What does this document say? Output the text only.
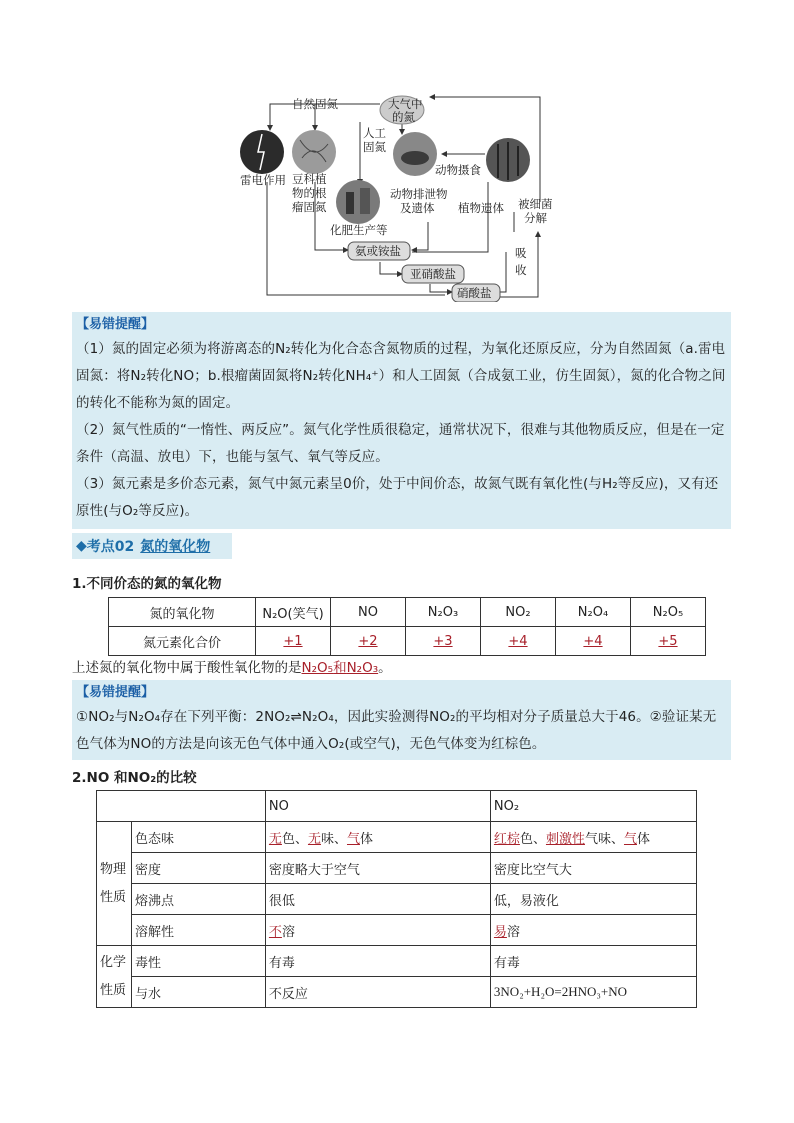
自然固氮	大气中
的氮
人工
固氮
雷电作用 豆科植
物的根
瘤固氮
动物摄食
被细菌
分解
动物排泄物
及遗体 植物遗体
化肥生产等
氨或铵盐
亚硝酸盐
硝酸盐
吸
收
【易错提醒】

（1）氮的固定必须为将游离态的N₂转化为化合态含氮物质的过程，为氧化还原反应，分为自然固氮（a.雷电固氮：将N₂转化NO；b.根瘤菌固氮将N₂转化NH₄⁺）和人工固氮（合成氨工业，仿生固氮），氮的化合物之间的转化不能称为氮的固定。

（2）氮气性质的“一惰性、两反应”。氮气化学性质很稳定，通常状况下，很难与其他物质反应，但是在一定条件（高温、放电）下，也能与氢气、氧气等反应。

（3）氮元素是多价态元素，氮气中氮元素呈0价，处于中间价态，故氮气既有氧化性(与H₂等反应)，又有还原性(与O₂等反应)。

◆ 考点02 氮的氧化物
1.不同价态的氮的氧化物
氮的氧化物	N₂O(笑气)	NO	N₂O₃	NO₂	N₂O₄	N₂O₅
氮元素化合价	+1	+2	+3	+4	+4	+5
上述氮的氧化物中属于酸性氧化物的是N₂O₅和N₂O₃。
【易错提醒】

①NO₂与N₂O₄存在下列平衡：2NO₂⇌N₂O₄，因此实验测得NO₂的平均相对分子质量总大于46。②验证某无色气体为NO的方法是向该无色气体中通入O₂(或空气)，无色气体变为红棕色。

2.NO 和NO₂的比较
		NO	NO₂
物理性质	色态味	无色、无味、气体	红棕色、刺激性气味、气体
	密度	密度略大于空气	密度比空气大
	熔沸点	很低	低，易液化
	溶解性	不溶	易溶
化学性质	毒性	有毒	有毒
	与水	不反应	3NO₂+H₂O=2HNO₃+NO
